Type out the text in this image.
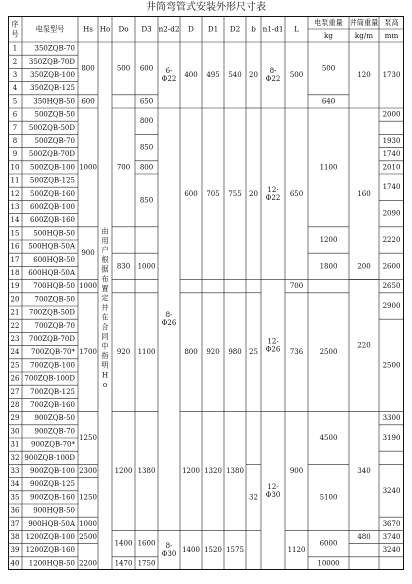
井筒弯管式安装外形尺寸表
序
号
电泵型号	Hs Ho Do D3 n2-d2 D D1 D2 b n1-d1 L
电泵重量
kg
井筒重量
kg/m
泵高
mm
1 350ZQB-70
2 350ZQB-70D
3 350ZQB-100
4 350ZQB-125
5 350HQB-50
6 500ZQB-50
7 500ZQB-50D
8 500ZQB-70
9 500ZQB-70D
10 500ZQB-100
11 500ZQB-125
12 500ZQB-160
13 600ZQB-100
14 600ZQB-160
15 500HQB-50
16 500HQB-50A
17 600HQB-50
18 600HQB-50A
19 700HQB-50
20 700ZQB-50
21 700ZQB-50D
22 700ZQB-70
23 700ZQB-70D
24 700ZQB-70*
25 700ZQB-100
26 700ZQB-100D
27 700ZQB-125
28 700ZQB-160
29 900ZQB-50
30 900ZQB-70
31 900ZQB-70*
32 900ZQB-100D
33 900ZQB-100
34 900ZQB-125
35 900ZQB-160
36 900HQB-50
37 900HQB-50A
38 1200ZQB-100
39 1200ZQB-160
40 1200HQB-50
800
600
1000
900
1000
1700
1250
2300
1250
1000
2500
2200
500
700
830
920
1200
1400
1470
600
650
800
850
800
850
1000
1100
1380
1600
1750
6-
Φ22
8-
Φ26
8-
Φ30
400
600
800
1200
1400
495
705
920
1320
1520
540
755
980
1380
1575
20
20
25
32
8-
Φ22
12-
Φ22
12-
Φ26
12-
Φ30
500
650
700
736
900
1120
500
640
1100
1200
1800
2500
4500
5100
6000
10000
120
160
200
220
340
480
1730
2000
1930
1740
2010
1740
2090
2220
2600
2650
2900
2500
3300
3190
3240
3670
3740
3240
由
用
户
根
据
布
置
定
井
在
合
同
中
指
明
H
o
